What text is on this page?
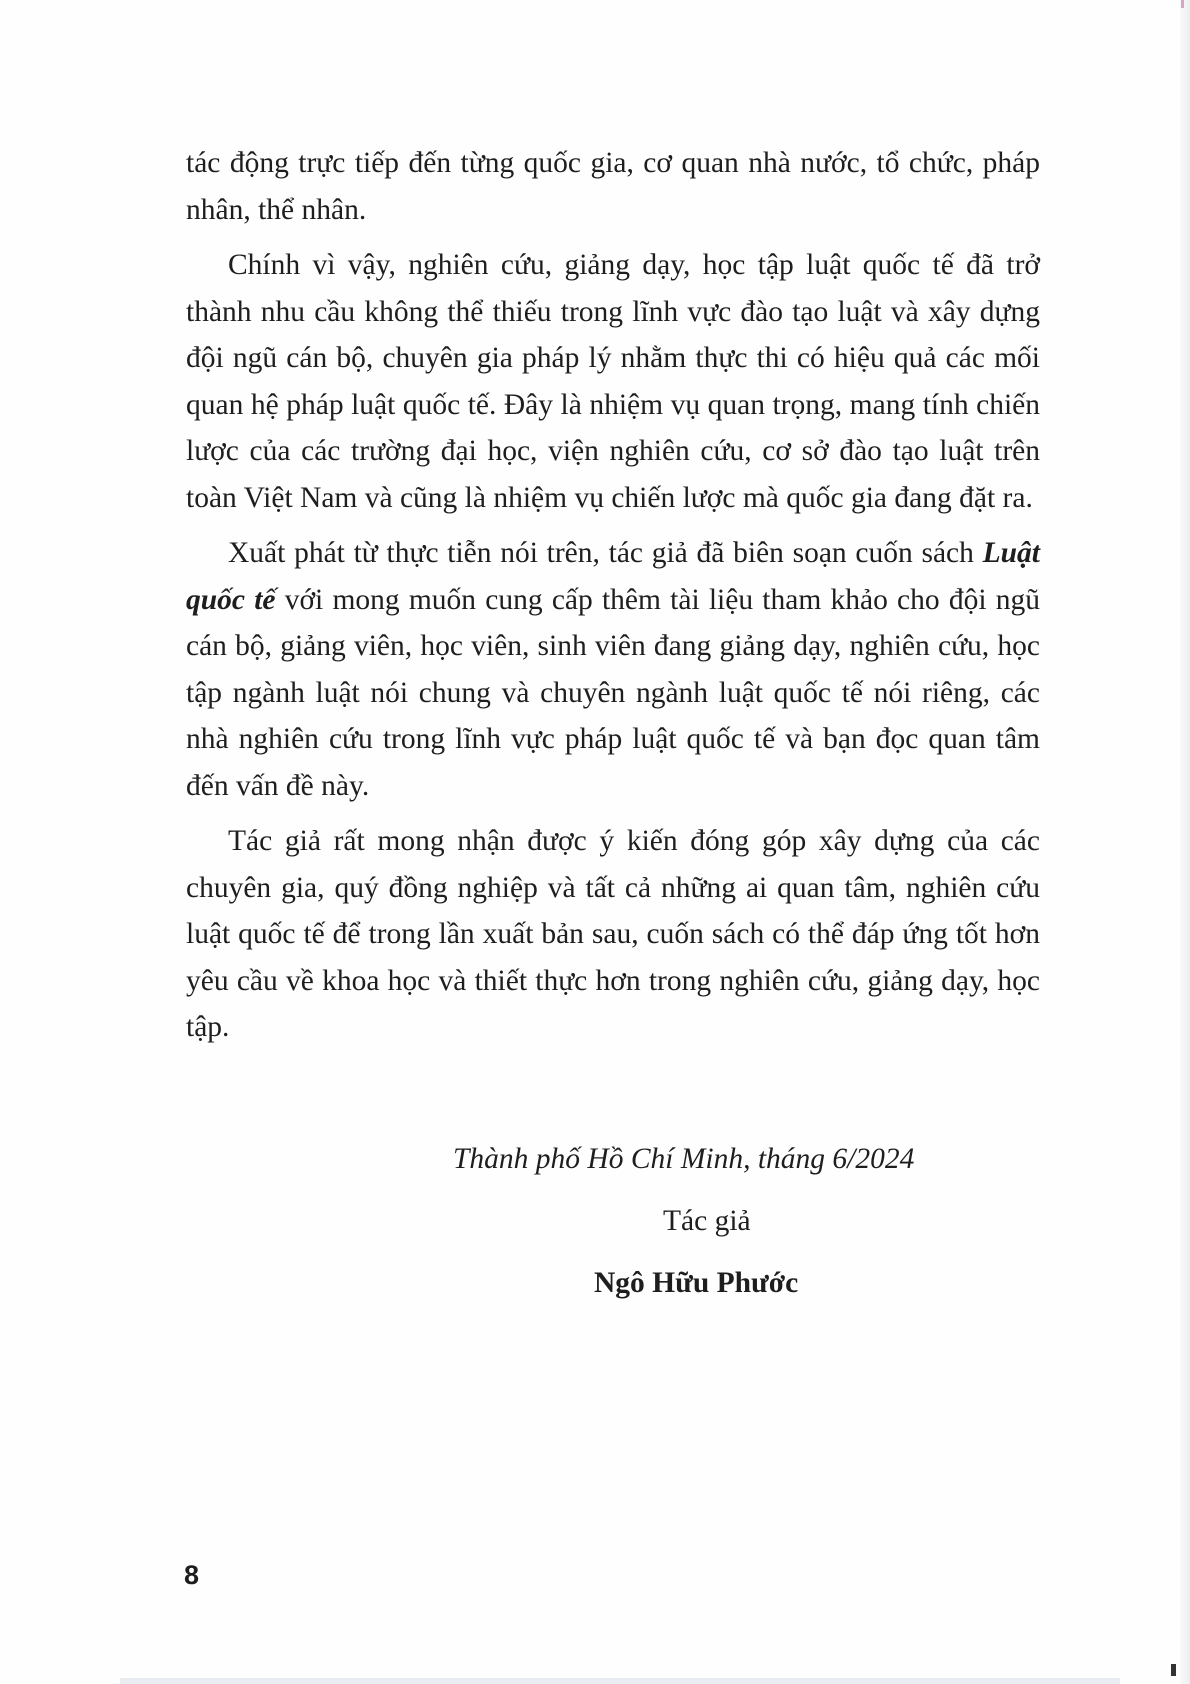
tác động trực tiếp đến từng quốc gia, cơ quan nhà nước, tổ chức, pháp nhân, thể nhân.

Chính vì vậy, nghiên cứu, giảng dạy, học tập luật quốc tế đã trở thành nhu cầu không thể thiếu trong lĩnh vực đào tạo luật và xây dựng đội ngũ cán bộ, chuyên gia pháp lý nhằm thực thi có hiệu quả các mối quan hệ pháp luật quốc tế. Đây là nhiệm vụ quan trọng, mang tính chiến lược của các trường đại học, viện nghiên cứu, cơ sở đào tạo luật trên toàn Việt Nam và cũng là nhiệm vụ chiến lược mà quốc gia đang đặt ra.

Xuất phát từ thực tiễn nói trên, tác giả đã biên soạn cuốn sách Luật quốc tế với mong muốn cung cấp thêm tài liệu tham khảo cho đội ngũ cán bộ, giảng viên, học viên, sinh viên đang giảng dạy, nghiên cứu, học tập ngành luật nói chung và chuyên ngành luật quốc tế nói riêng, các nhà nghiên cứu trong lĩnh vực pháp luật quốc tế và bạn đọc quan tâm đến vấn đề này.

Tác giả rất mong nhận được ý kiến đóng góp xây dựng của các chuyên gia, quý đồng nghiệp và tất cả những ai quan tâm, nghiên cứu luật quốc tế để trong lần xuất bản sau, cuốn sách có thể đáp ứng tốt hơn yêu cầu về khoa học và thiết thực hơn trong nghiên cứu, giảng dạy, học tập.

Thành phố Hồ Chí Minh, tháng 6/2024
Tác giả
Ngô Hữu Phước
8
